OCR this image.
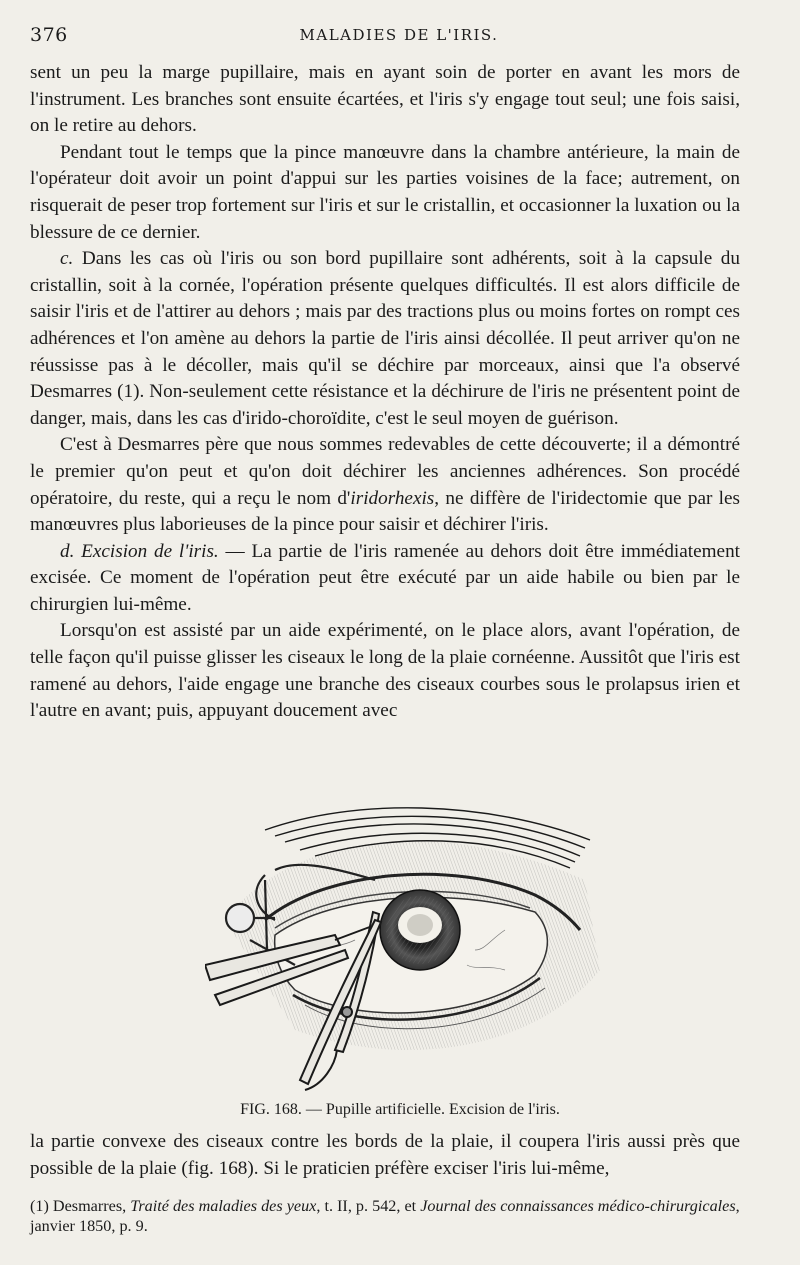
376	MALADIES DE L'IRIS.

sent un peu la marge pupillaire, mais en ayant soin de porter en avant les mors de l'instrument. Les branches sont ensuite écartées, et l'iris s'y engage tout seul; une fois saisi, on le retire au dehors.

Pendant tout le temps que la pince manœuvre dans la chambre antérieure, la main de l'opérateur doit avoir un point d'appui sur les parties voisines de la face; autrement, on risquerait de peser trop fortement sur l'iris et sur le cristallin, et occasionner la luxation ou la blessure de ce dernier.

c. Dans les cas où l'iris ou son bord pupillaire sont adhérents, soit à la capsule du cristallin, soit à la cornée, l'opération présente quelques difficultés. Il est alors difficile de saisir l'iris et de l'attirer au dehors ; mais par des tractions plus ou moins fortes on rompt ces adhérences et l'on amène au dehors la partie de l'iris ainsi décollée. Il peut arriver qu'on ne réussisse pas à le décoller, mais qu'il se déchire par morceaux, ainsi que l'a observé Desmarres (1). Non-seulement cette résistance et la déchirure de l'iris ne présentent point de danger, mais, dans les cas d'irido-choroïdite, c'est le seul moyen de guérison.

C'est à Desmarres père que nous sommes redevables de cette découverte; il a démontré le premier qu'on peut et qu'on doit déchirer les anciennes adhérences. Son procédé opératoire, du reste, qui a reçu le nom d'iridorhexis, ne diffère de l'iridectomie que par les manœuvres plus laborieuses de la pince pour saisir et déchirer l'iris.

d. Excision de l'iris. — La partie de l'iris ramenée au dehors doit être immédiatement excisée. Ce moment de l'opération peut être exécuté par un aide habile ou bien par le chirurgien lui-même.

Lorsqu'on est assisté par un aide expérimenté, on le place alors, avant l'opération, de telle façon qu'il puisse glisser les ciseaux le long de la plaie cornéenne. Aussitôt que l'iris est ramené au dehors, l'aide engage une branche des ciseaux courbes sous le prolapsus irien et l'autre en avant; puis, appuyant doucement avec

FIG. 168. — Pupille artificielle. Excision de l'iris.

la partie convexe des ciseaux contre les bords de la plaie, il coupera l'iris aussi près que possible de la plaie (fig. 168). Si le praticien préfère exciser l'iris lui-même,

(1) Desmarres, Traité des maladies des yeux, t. II, p. 542, et Journal des connaissances médico-chirurgicales, janvier 1850, p. 9.
